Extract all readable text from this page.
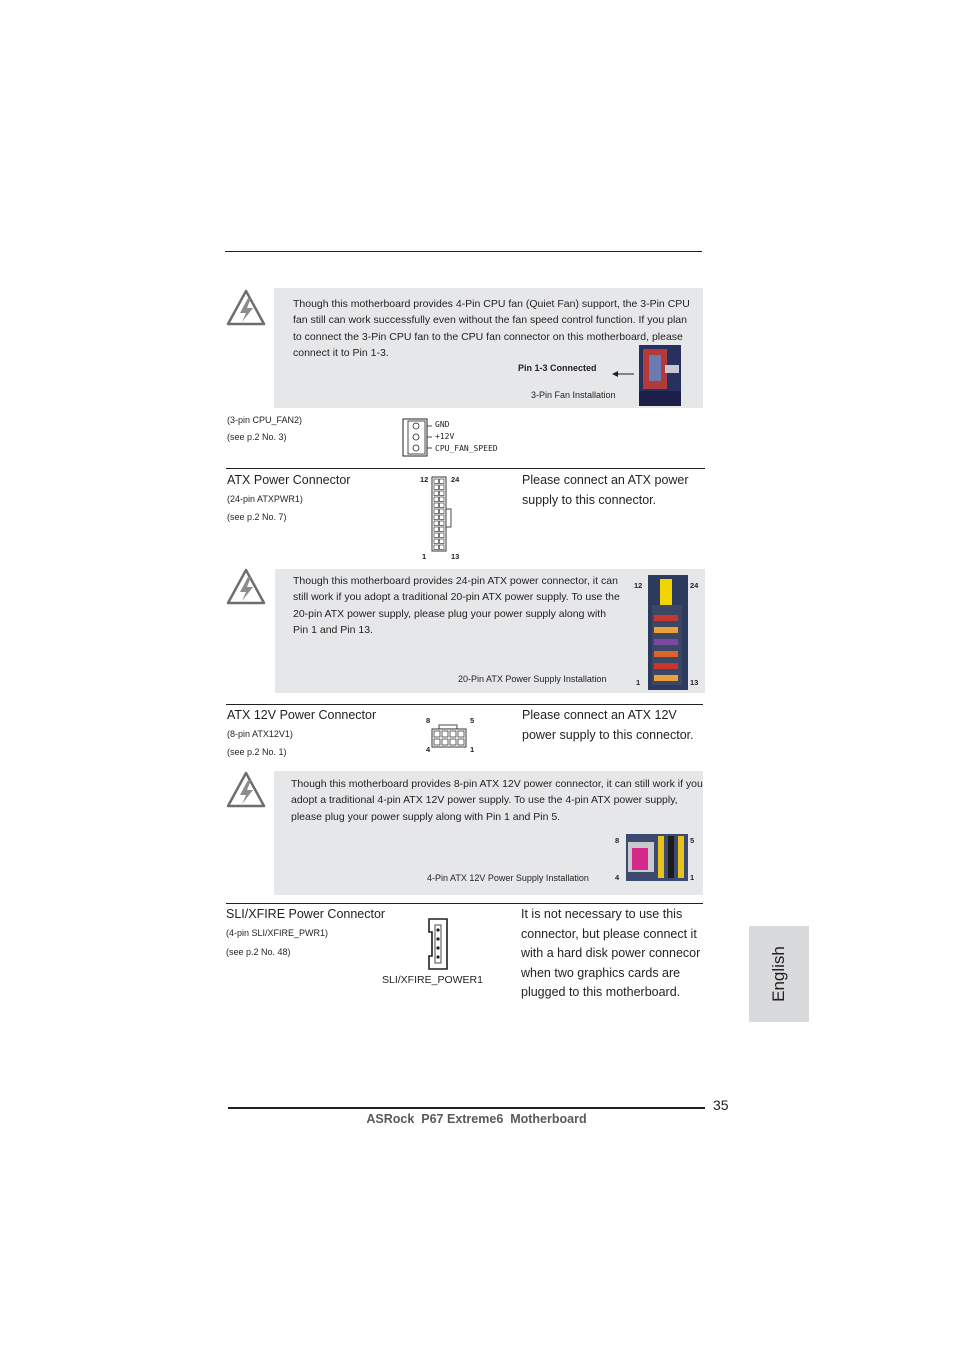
Though this motherboard provides 4-Pin CPU fan (Quiet Fan) support, the 3-Pin CPU fan still can work successfully even without the fan speed control function. If you plan to connect the 3-Pin CPU fan to the CPU fan connector on this motherboard, please connect it to Pin 1-3.
Pin 1-3 Connected
3-Pin Fan Installation
(3-pin CPU_FAN2)
(see p.2 No. 3)
GND
+12V
CPU_FAN_SPEED
ATX Power Connector
(24-pin ATXPWR1)
(see p.2 No. 7)
12	24
1	13
Please connect an ATX power supply to this connector.
Though this motherboard provides 24-pin ATX power connector, it can still work if you adopt a traditional 20-pin ATX power supply. To use the 20-pin ATX power supply, please plug your power supply along with Pin 1 and Pin 13.
12	24
1	13
20-Pin ATX Power Supply Installation
ATX 12V Power Connector
(8-pin ATX12V1)
(see p.2 No. 1)
8	5
4	1
Please connect an ATX 12V power supply to this connector.
Though this motherboard provides 8-pin ATX 12V power connector, it can still work if you adopt a traditional 4-pin ATX 12V power supply. To use the 4-pin ATX power supply, please plug your power supply along with Pin 1 and Pin 5.
8	5
4	1
4-Pin ATX 12V Power Supply Installation
SLI/XFIRE Power Connector
(4-pin SLI/XFIRE_PWR1)
(see p.2 No. 48)
SLI/XFIRE_POWER1
It is not necessary to use this connector, but please connect it with a hard disk power connecor when two graphics cards are plugged to this motherboard.	English
35
ASRock  P67 Extreme6  Motherboard
